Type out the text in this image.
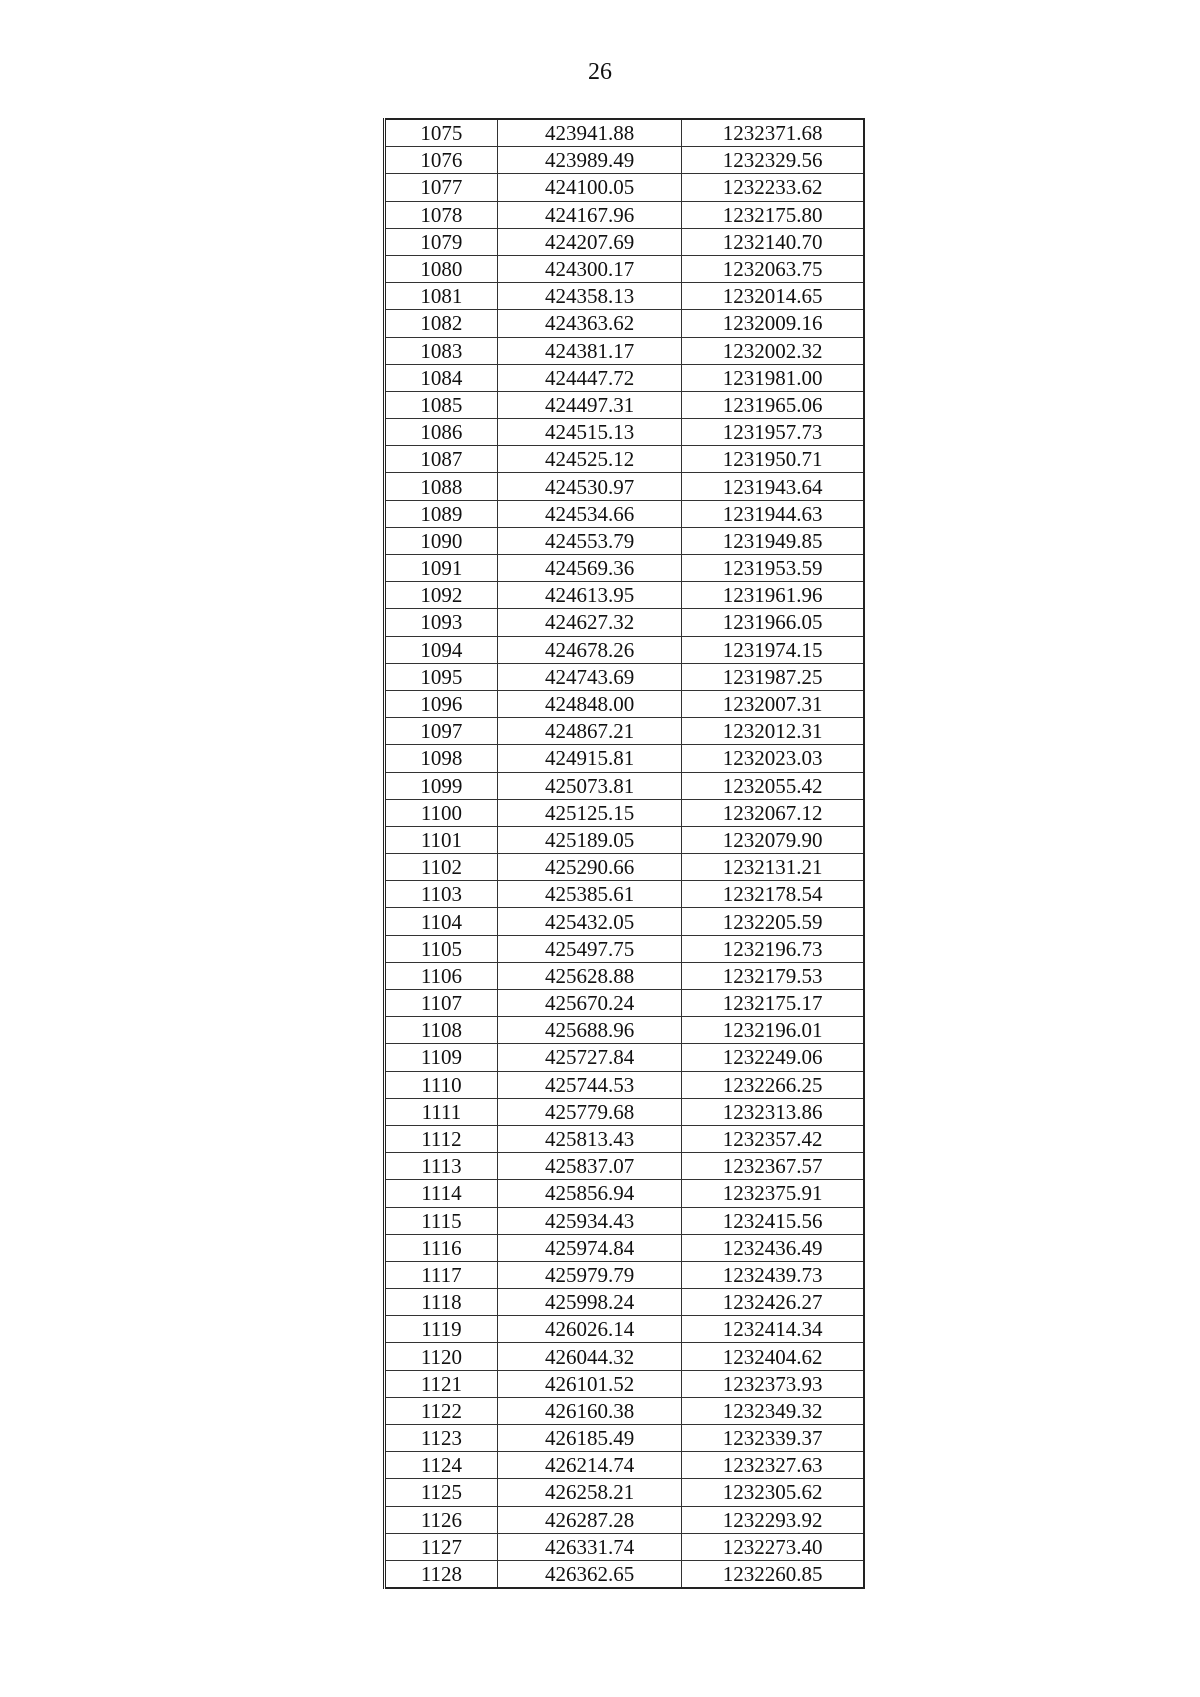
26
1075	423941.88	1232371.68
1076	423989.49	1232329.56
1077	424100.05	1232233.62
1078	424167.96	1232175.80
1079	424207.69	1232140.70
1080	424300.17	1232063.75
1081	424358.13	1232014.65
1082	424363.62	1232009.16
1083	424381.17	1232002.32
1084	424447.72	1231981.00
1085	424497.31	1231965.06
1086	424515.13	1231957.73
1087	424525.12	1231950.71
1088	424530.97	1231943.64
1089	424534.66	1231944.63
1090	424553.79	1231949.85
1091	424569.36	1231953.59
1092	424613.95	1231961.96
1093	424627.32	1231966.05
1094	424678.26	1231974.15
1095	424743.69	1231987.25
1096	424848.00	1232007.31
1097	424867.21	1232012.31
1098	424915.81	1232023.03
1099	425073.81	1232055.42
1100	425125.15	1232067.12
1101	425189.05	1232079.90
1102	425290.66	1232131.21
1103	425385.61	1232178.54
1104	425432.05	1232205.59
1105	425497.75	1232196.73
1106	425628.88	1232179.53
1107	425670.24	1232175.17
1108	425688.96	1232196.01
1109	425727.84	1232249.06
1110	425744.53	1232266.25
1111	425779.68	1232313.86
1112	425813.43	1232357.42
1113	425837.07	1232367.57
1114	425856.94	1232375.91
1115	425934.43	1232415.56
1116	425974.84	1232436.49
1117	425979.79	1232439.73
1118	425998.24	1232426.27
1119	426026.14	1232414.34
1120	426044.32	1232404.62
1121	426101.52	1232373.93
1122	426160.38	1232349.32
1123	426185.49	1232339.37
1124	426214.74	1232327.63
1125	426258.21	1232305.62
1126	426287.28	1232293.92
1127	426331.74	1232273.40
1128	426362.65	1232260.85
